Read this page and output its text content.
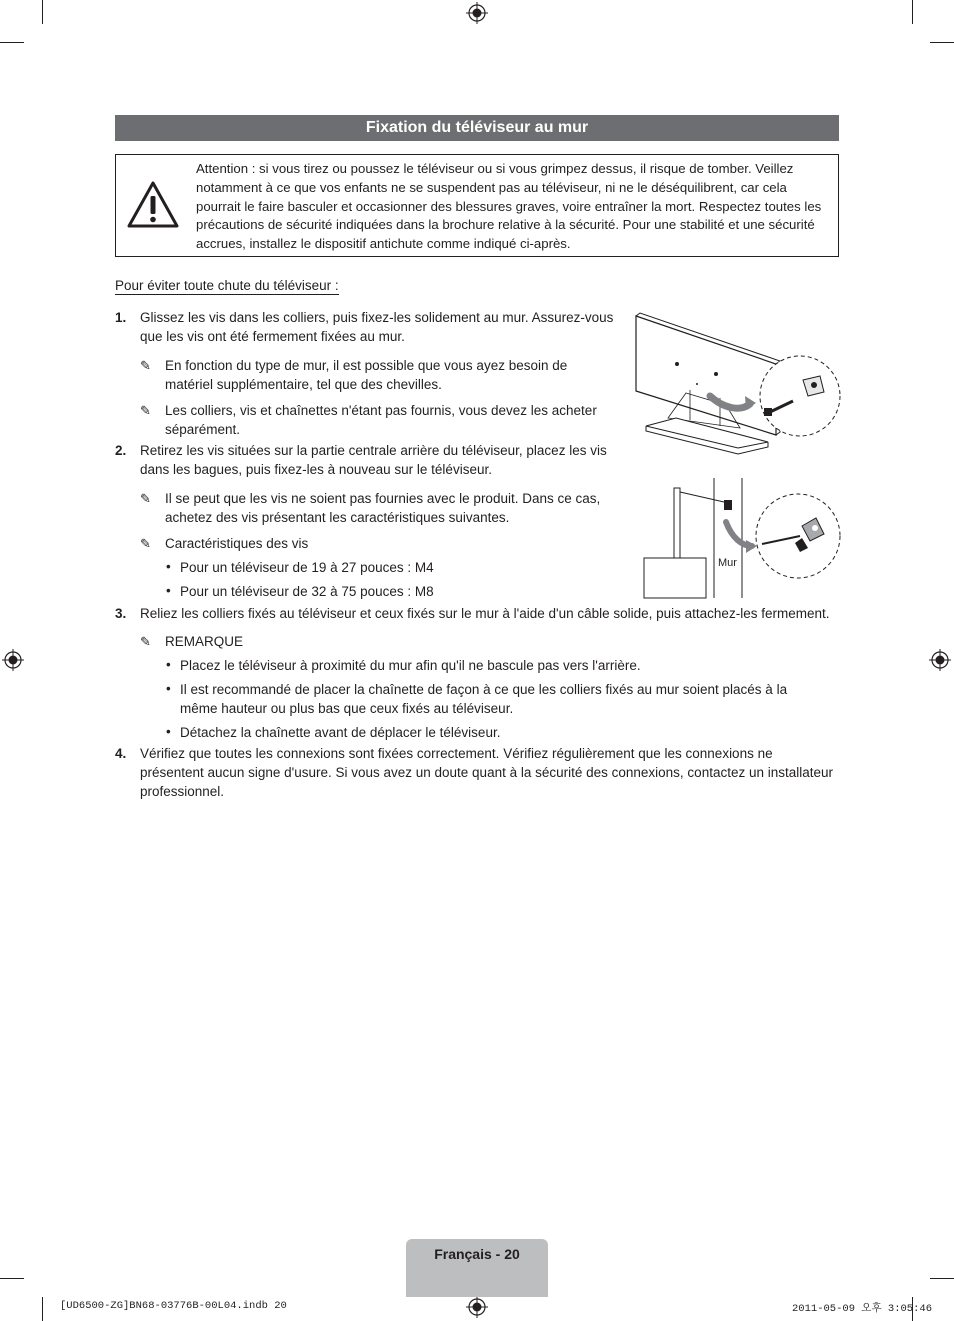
Fixation du téléviseur au mur
Attention : si vous tirez ou poussez le téléviseur ou si vous grimpez dessus, il risque de tomber. Veillez notamment à ce que vos enfants ne se suspendent pas au téléviseur, ni ne le déséquilibrent, car cela pourrait le faire basculer et occasionner des blessures graves, voire entraîner la mort. Respectez toutes les précautions de sécurité indiquées dans la brochure relative à la sécurité. Pour une stabilité et une sécurité accrues, installez le dispositif antichute comme indiqué ci-après.
Pour éviter toute chute du téléviseur :
1. Glissez les vis dans les colliers, puis fixez-les solidement au mur. Assurez-vous que les vis ont été fermement fixées au mur.
✎ En fonction du type de mur, il est possible que vous ayez besoin de matériel supplémentaire, tel que des chevilles.
✎ Les colliers, vis et chaînettes n'étant pas fournis, vous devez les acheter séparément.
2. Retirez les vis situées sur la partie centrale arrière du téléviseur, placez les vis dans les bagues, puis fixez-les à nouveau sur le téléviseur.
✎ Il se peut que les vis ne soient pas fournies avec le produit. Dans ce cas, achetez des vis présentant les caractéristiques suivantes.
✎ Caractéristiques des vis
• Pour un téléviseur de 19 à 27 pouces : M4
• Pour un téléviseur de 32 à 75 pouces : M8
3. Reliez les colliers fixés au téléviseur et ceux fixés sur le mur à l'aide d'un câble solide, puis attachez-les fermement.
✎ REMARQUE
• Placez le téléviseur à proximité du mur afin qu'il ne bascule pas vers l'arrière.
• Il est recommandé de placer la chaînette de façon à ce que les colliers fixés au mur soient placés à la même hauteur ou plus bas que ceux fixés au téléviseur.
• Détachez la chaînette avant de déplacer le téléviseur.
4. Vérifiez que toutes les connexions sont fixées correctement. Vérifiez régulièrement que les connexions ne présentent aucun signe d'usure. Si vous avez un doute quant à la sécurité des connexions, contactez un installateur professionnel.
Mur
Français - 20
[UD6500-ZG]BN68-03776B-00L04.indb 20	2011-05-09 오후 3:05:46
